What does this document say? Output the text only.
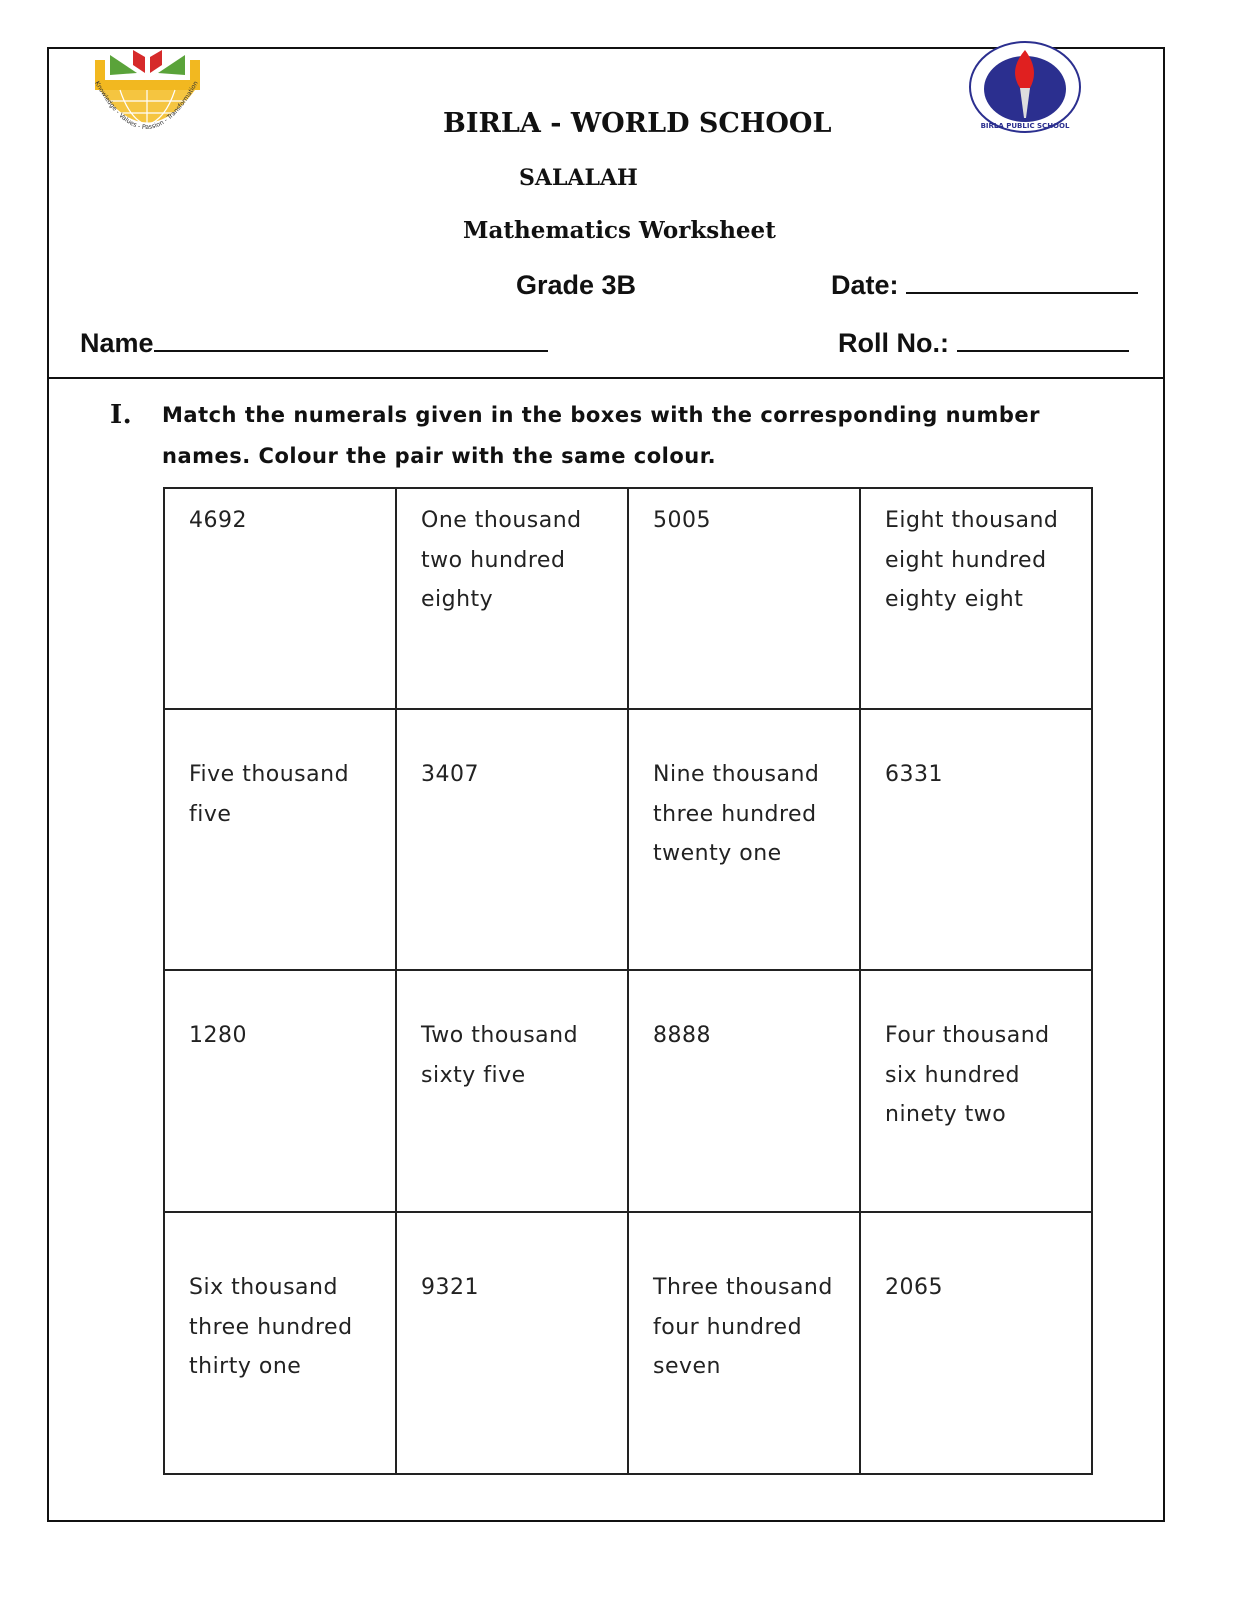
Knowledge - Values - Passion - Transformation
BIRLA PUBLIC SCHOOL
BIRLA - WORLD SCHOOL
SALALAH
Mathematics Worksheet
Grade 3B	Date:
Name	Roll No.:
I. Match the numerals given in the boxes with the corresponding number names. Colour the pair with the same colour.
4692	One thousand two hundred eighty	5005	Eight thousand eight hundred eighty eight
Five thousand five	3407	Nine thousand three hundred twenty one	6331
1280	Two thousand sixty five	8888	Four thousand six hundred ninety two
Six thousand three hundred thirty one	9321	Three thousand four hundred seven	2065
